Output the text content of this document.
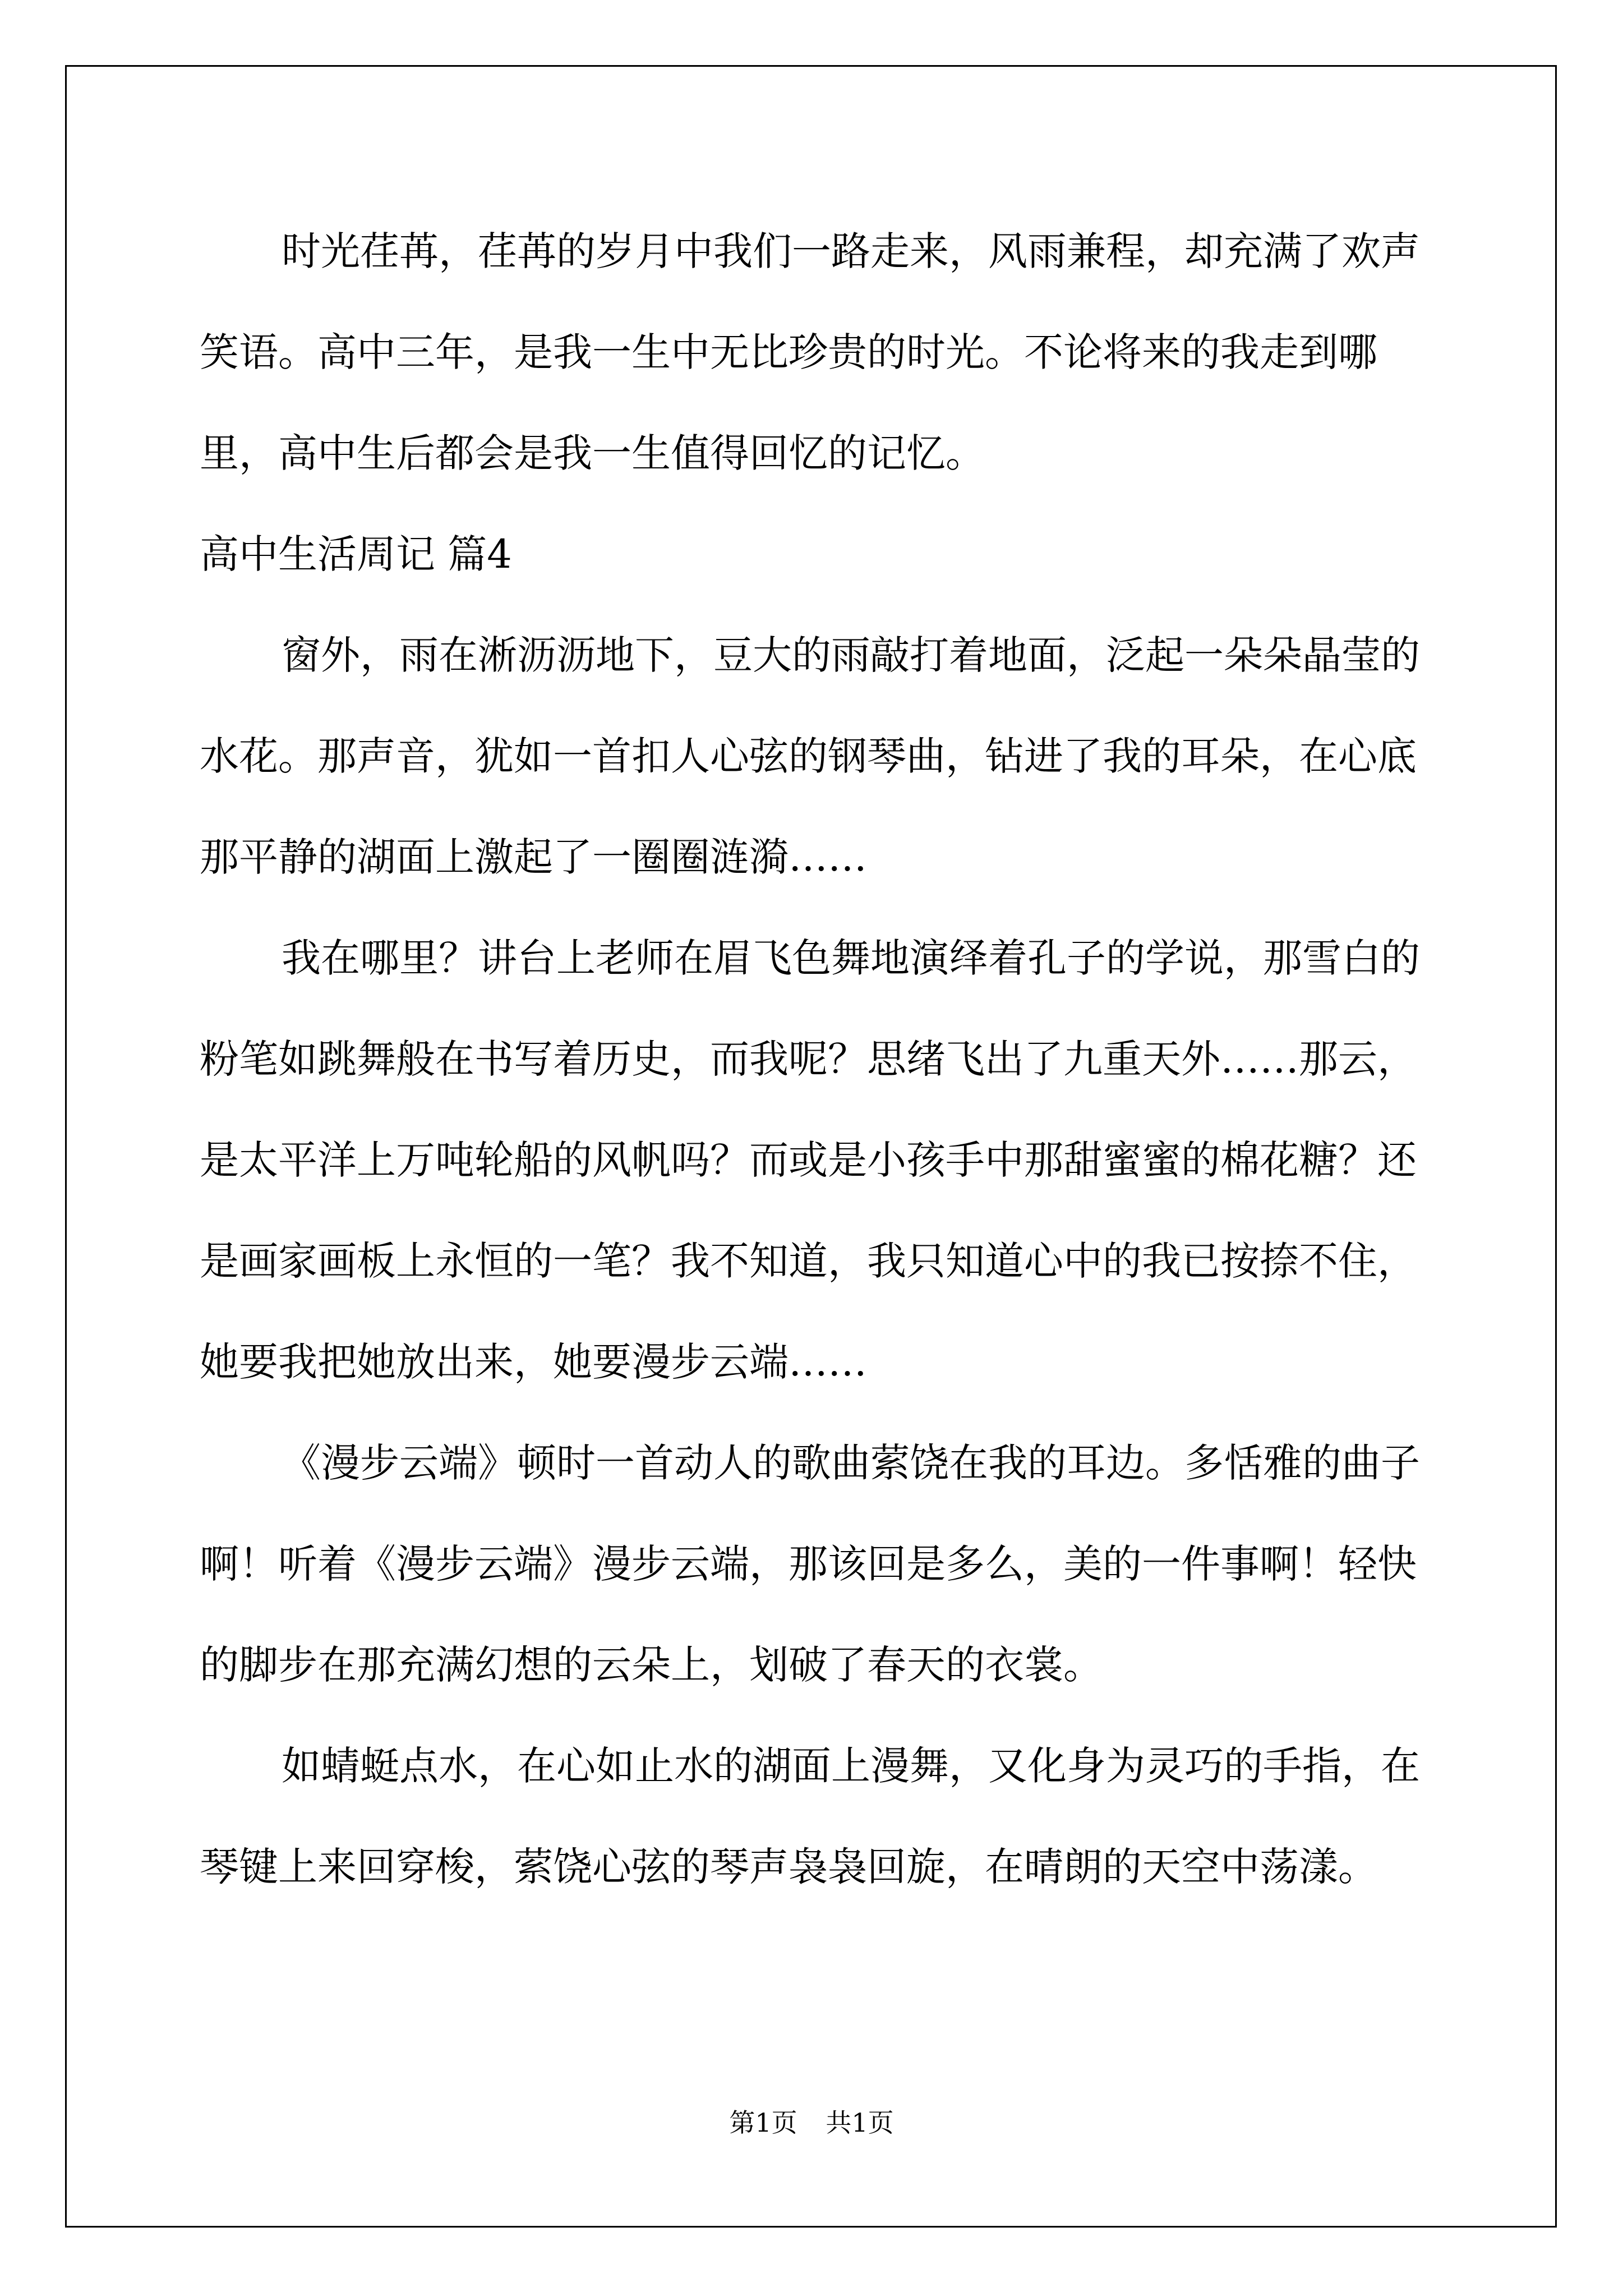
时光荏苒，荏苒的岁月中我们一路走来，风雨兼程，却充满了欢声笑语。高中三年，是我一生中无比珍贵的时光。不论将来的我走到哪里，高中生后都会是我一生值得回忆的记忆。

高中生活周记 篇4

窗外，雨在淅沥沥地下，豆大的雨敲打着地面，泛起一朵朵晶莹的水花。那声音，犹如一首扣人心弦的钢琴曲，钻进了我的耳朵，在心底那平静的湖面上激起了一圈圈涟漪……

我在哪里？讲台上老师在眉飞色舞地演绎着孔子的学说，那雪白的粉笔如跳舞般在书写着历史，而我呢？思绪飞出了九重天外……那云，是太平洋上万吨轮船的风帆吗？而或是小孩手中那甜蜜蜜的棉花糖？还是画家画板上永恒的一笔？我不知道，我只知道心中的我已按捺不住，她要我把她放出来，她要漫步云端……

《漫步云端》顿时一首动人的歌曲萦饶在我的耳边。多恬雅的曲子啊！听着《漫步云端》漫步云端，那该回是多么，美的一件事啊！轻快的脚步在那充满幻想的云朵上，划破了春天的衣裳。

如蜻蜓点水，在心如止水的湖面上漫舞，又化身为灵巧的手指，在琴键上来回穿梭，萦饶心弦的琴声袅袅回旋，在晴朗的天空中荡漾。

第1页 共1页
